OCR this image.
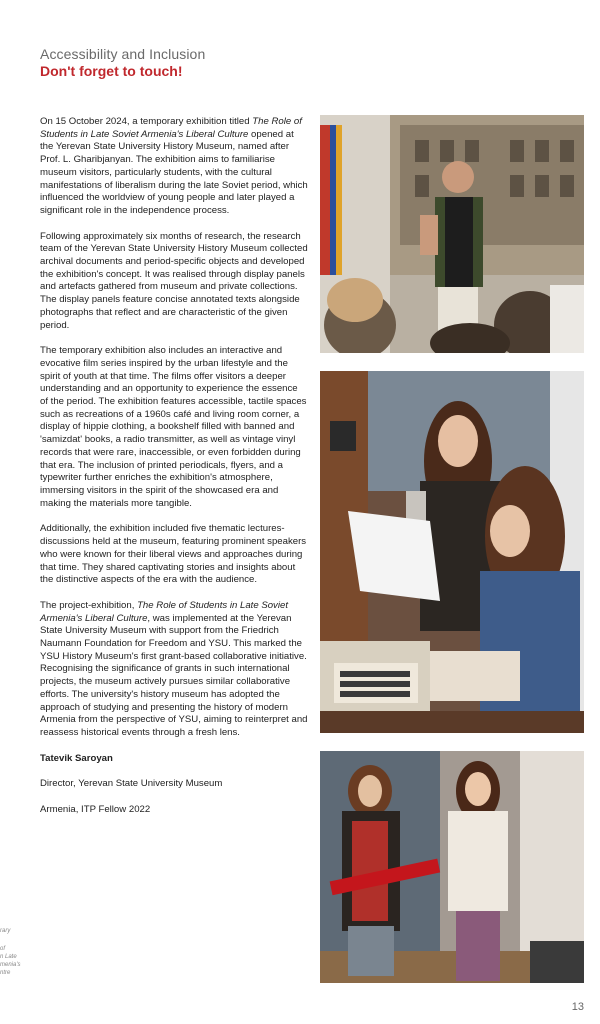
Accessibility and Inclusion
Don't forget to touch!

On 15 October 2024, a temporary exhibition titled The Role of Students in Late Soviet Armenia's Liberal Culture opened at the Yerevan State University History Museum, named after Prof. L. Gharibjanyan. The exhibition aims to familiarise museum visitors, particularly students, with the cultural manifestations of liberalism during the late Soviet period, which influenced the worldview of young people and later played a significant role in the independence process.

Following approximately six months of research, the research team of the Yerevan State University History Museum collected archival documents and period-specific objects and developed the exhibition's concept. It was realised through display panels and artefacts gathered from museum and private collections. The display panels feature concise annotated texts alongside photographs that reflect and are characteristic of the given period.

The temporary exhibition also includes an interactive and evocative film series inspired by the urban lifestyle and the spirit of youth at that time. The films offer visitors a deeper understanding and an opportunity to experience the essence of the period. The exhibition features accessible, tactile spaces such as recreations of a 1960s café and living room corner, a display of hippie clothing, a bookshelf filled with banned and 'samizdat' books, a radio transmitter, as well as vintage vinyl records that were rare, inaccessible, or even forbidden during that era. The inclusion of printed periodicals, flyers, and a typewriter further enriches the exhibition's atmosphere, immersing visitors in the spirit of the showcased era and making the materials more tangible.

Additionally, the exhibition included five thematic lectures-discussions held at the museum, featuring prominent speakers who were known for their liberal views and approaches during that time. They shared captivating stories and insights about the distinctive aspects of the era with the audience.

The project-exhibition, The Role of Students in Late Soviet Armenia's Liberal Culture, was implemented at the Yerevan State University Museum with support from the Friedrich Naumann Foundation for Freedom and YSU. This marked the YSU History Museum's first grant-based collaborative initiative. Recognising the significance of grants in such international projects, the museum actively pursues similar collaborative efforts. The university's history museum has adopted the approach of studying and presenting the history of modern Armenia from the perspective of YSU, aiming to reinterpret and reassess historical events through a fresh lens.

Tatevik Saroyan

Director, Yerevan State University Museum

Armenia, ITP Fellow 2022

rary
of
n Late
menia's
ntre
13
